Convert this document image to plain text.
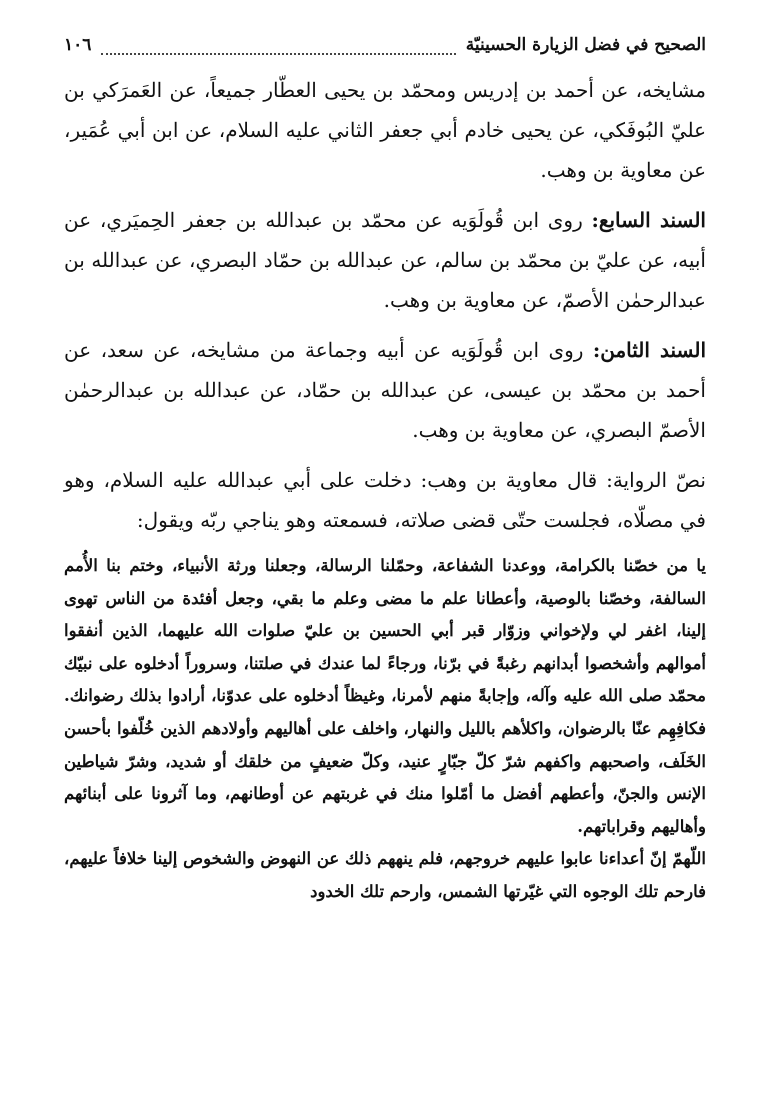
الصحيح في فضل الزيارة الحسينيّة
١٠٦

مشايخه، عن أحمد بن إدريس ومحمّد بن يحيى العطّار جميعاً، عن العَمرَكي بن عليّ البُوفَكي، عن يحيى خادم أبي جعفر الثاني عليه السلام، عن ابن أبي عُمَير، عن معاوية بن وهب.

السند السابع: روى ابن قُولَوَيه عن محمّد بن عبدالله بن جعفر الحِميَري، عن أبيه، عن عليّ بن محمّد بن سالم، عن عبدالله بن حمّاد البصري، عن عبدالله بن عبدالرحمٰن الأصمّ، عن معاوية بن وهب.

السند الثامن: روى ابن قُولَوَيه عن أبيه وجماعة من مشايخه، عن سعد، عن أحمد بن محمّد بن عيسى، عن عبدالله بن حمّاد، عن عبدالله بن عبدالرحمٰن الأصمّ البصري، عن معاوية بن وهب.

نصّ الرواية: قال معاوية بن وهب: دخلت على أبي عبدالله عليه السلام، وهو في مصلّاه، فجلست حتّى قضى صلاته، فسمعته وهو يناجي ربّه ويقول:

يا من خصّنا بالكرامة، ووعدنا الشفاعة، وحمّلنا الرسالة، وجعلنا ورثة الأنبياء، وختم بنا الأُمم السالفة، وخصّنا بالوصية، وأعطانا علم ما مضى وعلم ما بقي، وجعل أفئدة من الناس تهوى إلينا، اغفر لي ولإخواني وزوّار قبر أبي الحسين بن عليّ صلوات الله عليهما، الذين أنفقوا أموالهم وأشخصوا أبدانهم رغبةً في برّنا، ورجاءً لما عندك في صلتنا، وسروراً أدخلوه على نبيّك محمّد صلى الله عليه وآله، وإجابةً منهم لأمرنا، وغيظاً أدخلوه على عدوّنا، أرادوا بذلك رضوانك. فكافِهِم عنّا بالرضوان، واكلأهم بالليل والنهار، واخلف على أهاليهم وأولادهم الذين خُلّفوا بأحسن الخَلَف، واصحبهم واكفهم شرّ كلّ جبّارٍ عنيد، وكلّ ضعيفٍ من خلقك أو شديد، وشرّ شياطين الإنس والجنّ، وأعطهم أفضل ما أمّلوا منك في غربتهم عن أوطانهم، وما آثرونا على أبنائهم وأهاليهم وقراباتهم.

اللّهمّ إنّ أعداءنا عابوا عليهم خروجهم، فلم ينههم ذلك عن النهوض والشخوص إلينا خلافاً عليهم، فارحم تلك الوجوه التي غيّرتها الشمس، وارحم تلك الخدود
